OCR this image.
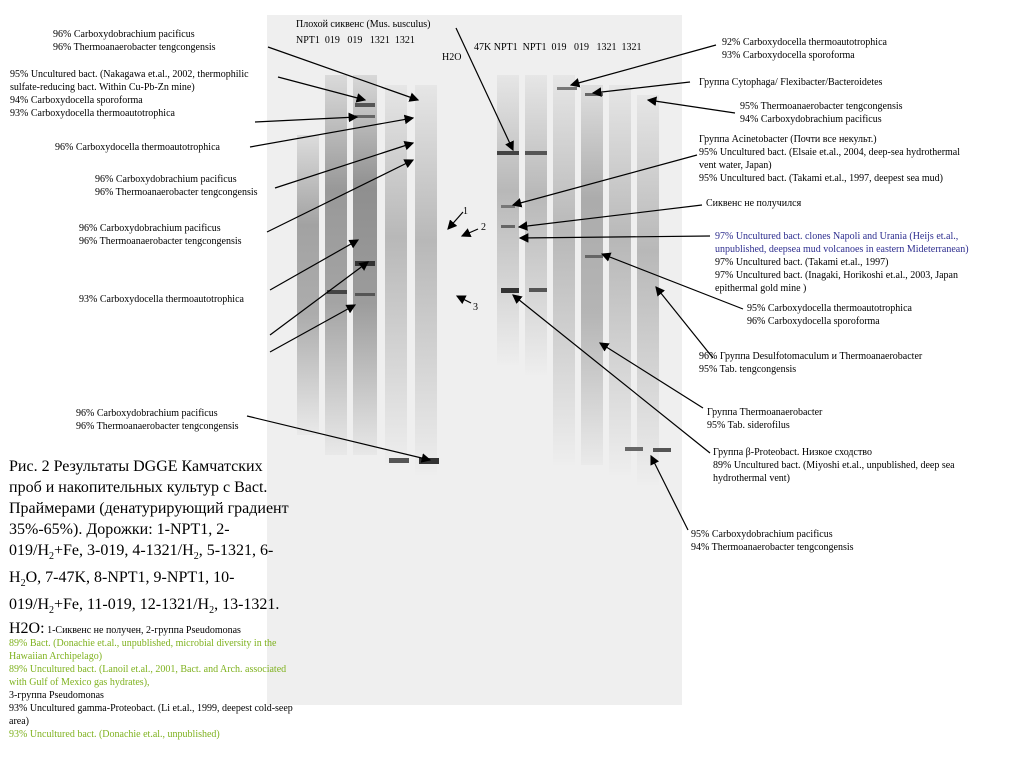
Плохой сиквенс (Mus. ьusculus)
NPT1  019   019   1321  1321
H2O
47K NPT1  NPT1  019   019   1321  1321
96% Carboxydobrachium pacificus
96% Thermoanaerobacter tengcongensis
95% Uncultured bact. (Nakagawa et.al., 2002, thermophilic
sulfate-reducing bact. Within Cu-Pb-Zn mine)
94% Carboxydocella sporoforma
93% Carboxydocella thermoautotrophica
96% Carboxydocella thermoautotrophica
96% Carboxydobrachium pacificus
96% Thermoanaerobacter tengcongensis
96% Carboxydobrachium pacificus
96% Thermoanaerobacter tengcongensis
93% Carboxydocella thermoautotrophica
96% Carboxydobrachium pacificus
96% Thermoanaerobacter tengcongensis
92% Carboxydocella thermoautotrophica
93% Carboxydocella sporoforma
Группа Cytophaga/ Flexibacter/Bacteroidetes
95% Thermoanaerobacter tengcongensis
94% Carboxydobrachium pacificus
Группа Acinetobacter (Почти все некульт.)
95% Uncultured bact. (Elsaie et.al., 2004, deep-sea hydrothermal
vent water, Japan)
95% Uncultured bact. (Takami et.al., 1997, deepest sea mud)
Сиквенс не получился
97% Uncultured bact. clones Napoli and Urania (Heijs et.al.,
unpublished, deepsea mud volcanoes in eastern Mideterranean)
97% Uncultured bact. (Takami et.al., 1997)
97% Uncultured bact. (Inagaki, Horikoshi et.al., 2003, Japan
epithermal gold mine )
95% Carboxydocella thermoautotrophica
96% Carboxydocella sporoforma
96% Группа Desulfotomaculum и Thermoanaerobacter
95% Tab. tengcongensis
Группа Thermoanaerobacter
95% Tab. siderofilus
Группа β-Proteobact. Низкое сходство
89% Uncultured bact. (Miyoshi et.al., unpublished, deep sea
hydrothermal vent)
95% Carboxydobrachium pacificus
94% Thermoanaerobacter tengcongensis
1
2
3
Рис. 2 Результаты DGGE Камчатских проб и накопительных культур с Bact. Праймерами (денатурирующий градиент 35%-65%). Дорожки: 1-NPT1, $2-019/H_2+Fe$, 3-019, $4-1321/H_2$, 5-1321, $6-H_2O$, 7-47K, 8-NPT1, 9-NPT1, $10-019/H_2+Fe$, 11-019, $12-1321/H_2$, 13-1321.
H2O: 1-Сиквенс не получен, 2-группа Pseudomonas
89% Bact. (Donachie et.al., unpublished, microbial diversity in the Hawaiian Archipelago)
89% Uncultured bact. (Lanoil et.al., 2001, Bact. and Arch. associated with Gulf of Mexico gas hydrates),
3-группа Pseudomonas
93% Uncultured gamma-Proteobact. (Li et.al., 1999, deepest cold-seep area)
93% Uncultured bact. (Donachie et.al., unpublished)
